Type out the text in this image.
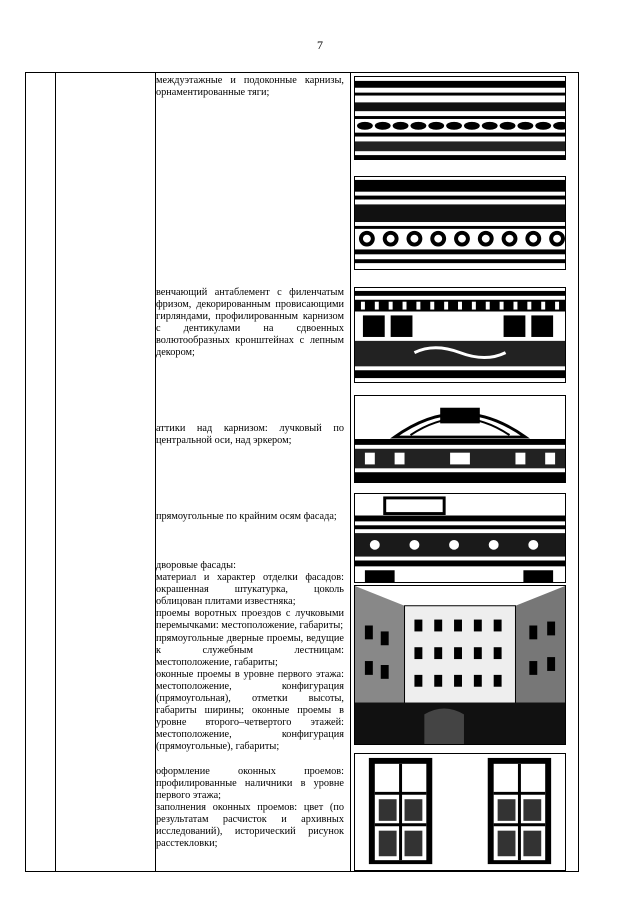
7

междуэтажные и подоконные карнизы, орнаментированные тяги;

венчающий антаблемент с филенчатым фризом, декорированным провисающими гирляндами, профилированным карнизом с дентикулами на сдвоенных волютообразных кронштейнах с лепным декором;

аттики над карнизом: лучковый по центральной оси, над эркером;

прямоугольные по крайним осям фасада;

дворовые фасады:

материал и характер отделки фасадов: окрашенная штукатурка, цоколь облицован плитами известняка;

проемы воротных проездов с лучковыми перемычками: местоположение, габариты;

прямоугольные дверные проемы, ведущие к служебным лестницам: местоположение, габариты;

оконные проемы в уровне первого этажа: местоположение, конфигурация (прямоугольная), отметки высоты, габариты ширины; оконные проемы в уровне второго–четвертого этажей: местоположение, конфигурация (прямоугольные), габариты;

оформление оконных проемов: профилированные наличники в уровне первого этажа;

заполнения оконных проемов: цвет (по результатам расчисток и архивных исследований), исторический рисунок расстекловки;
